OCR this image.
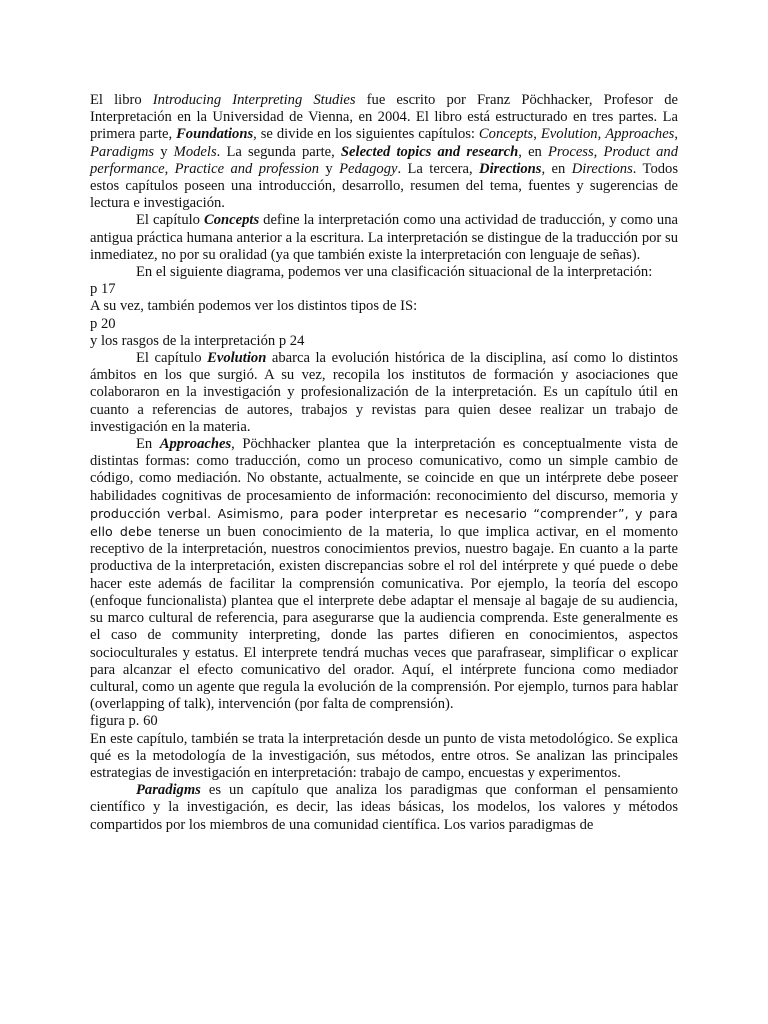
El libro Introducing Interpreting Studies fue escrito por Franz Pöchhacker, Profesor de Interpretación en la Universidad de Vienna, en 2004. El libro está estructurado en tres partes. La primera parte, Foundations, se divide en los siguientes capítulos: Concepts, Evolution, Approaches, Paradigms y Models. La segunda parte, Selected topics and research, en Process, Product and performance, Practice and profession y Pedagogy. La tercera, Directions, en Directions. Todos estos capítulos poseen una introducción, desarrollo, resumen del tema, fuentes y sugerencias de lectura e investigación.

El capítulo Concepts define la interpretación como una actividad de traducción, y como una antigua práctica humana anterior a la escritura. La interpretación se distingue de la traducción por su inmediatez, no por su oralidad (ya que también existe la interpretación con lenguaje de señas).

En el siguiente diagrama, podemos ver una clasificación situacional de la interpretación:

p 17

A su vez, también podemos ver los distintos tipos de IS:

p 20

y los rasgos de la interpretación p 24

El capítulo Evolution abarca la evolución histórica de la disciplina, así como lo distintos ámbitos en los que surgió. A su vez, recopila los institutos de formación y asociaciones que colaboraron en la investigación y profesionalización de la interpretación. Es un capítulo útil en cuanto a referencias de autores, trabajos y revistas para quien desee realizar un trabajo de investigación en la materia.

En Approaches, Pöchhacker plantea que la interpretación es conceptualmente vista de distintas formas: como traducción, como un proceso comunicativo, como un simple cambio de código, como mediación. No obstante, actualmente, se coincide en que un intérprete debe poseer habilidades cognitivas de procesamiento de información: reconocimiento del discurso, memoria y producción verbal. Asimismo, para poder interpretar es necesario “comprender”, y para ello debe tenerse un buen conocimiento de la materia, lo que implica activar, en el momento receptivo de la interpretación, nuestros conocimientos previos, nuestro bagaje. En cuanto a la parte productiva de la interpretación, existen discrepancias sobre el rol del intérprete y qué puede o debe hacer este además de facilitar la comprensión comunicativa. Por ejemplo, la teoría del escopo (enfoque funcionalista) plantea que el interprete debe adaptar el mensaje al bagaje de su audiencia, su marco cultural de referencia, para asegurarse que la audiencia comprenda. Este generalmente es el caso de community interpreting, donde las partes difieren en conocimientos, aspectos socioculturales y estatus. El interprete tendrá muchas veces que parafrasear, simplificar o explicar para alcanzar el efecto comunicativo del orador. Aquí, el intérprete funciona como mediador cultural, como un agente que regula la evolución de la comprensión. Por ejemplo, turnos para hablar (overlapping of talk), intervención (por falta de comprensión).

figura p. 60

En este capítulo, también se trata la interpretación desde un punto de vista metodológico. Se explica qué es la metodología de la investigación, sus métodos, entre otros. Se analizan las principales estrategias de investigación en interpretación: trabajo de campo, encuestas y experimentos.

Paradigms es un capítulo que analiza los paradigmas que conforman el pensamiento científico y la investigación, es decir, las ideas básicas, los modelos, los valores y métodos compartidos por los miembros de una comunidad científica. Los varios paradigmas de
